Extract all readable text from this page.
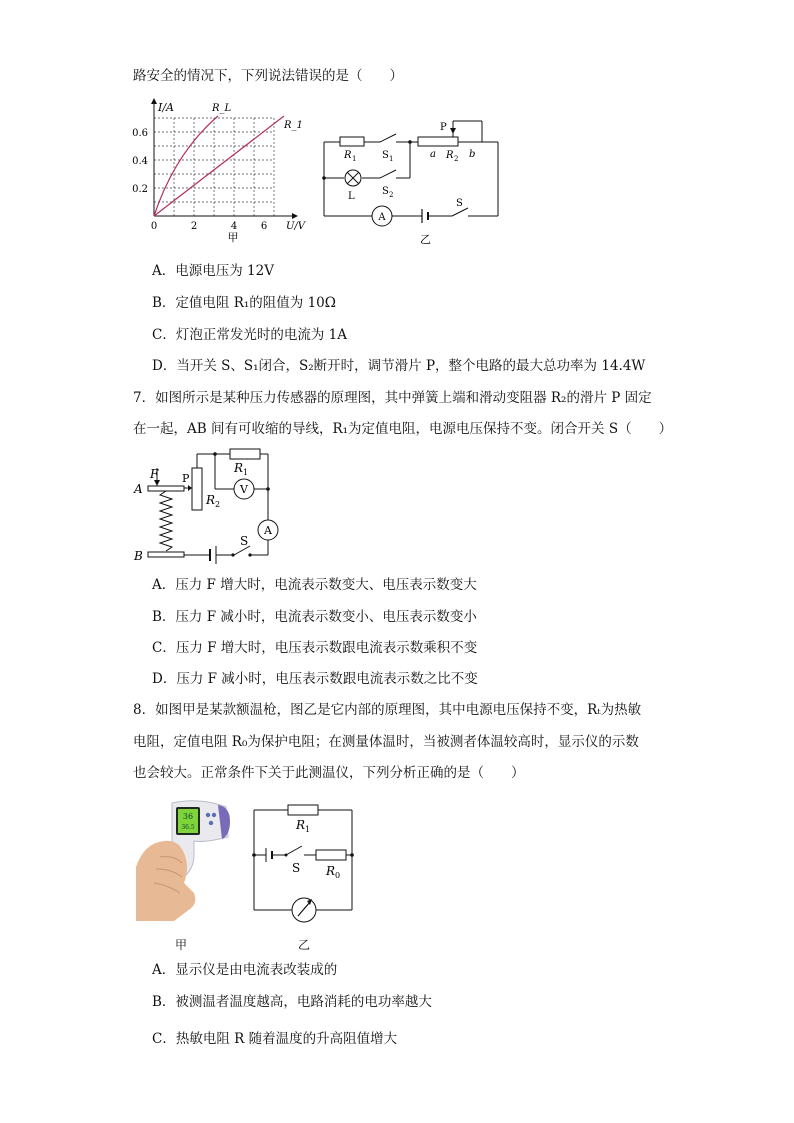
路安全的情况下，下列说法错误的是（　　）
I/A
0.6
0.4
0.2
0	2	4 6 U/V
R_L
R_1
甲
R 1	S 1
P
a R 2 b
S 2
L
A
S
乙
A．电源电压为 12V
B．定值电阻 R₁的阻值为 10Ω
C．灯泡正常发光时的电流为 1A
D．当开关 S、S₁闭合，S₂断开时，调节滑片 P，整个电路的最大总功率为 14.4W
7．如图所示是某种压力传感器的原理图，其中弹簧上端和滑动变阻器 R₂的滑片 P 固定
在一起，AB 间有可收缩的导线，R₁为定值电阻，电源电压保持不变。闭合开关 S（　　）
F
A
B
P
R 1
R 2
V
A
S
A．压力 F 增大时，电流表示数变大、电压表示数变大
B．压力 F 减小时，电流表示数变小、电压表示数变小
C．压力 F 增大时，电压表示数跟电流表示数乘积不变
D．压力 F 减小时，电压表示数跟电流表示数之比不变
8．如图甲是某款额温枪，图乙是它内部的原理图，其中电源电压保持不变，Rₜ为热敏
电阻，定值电阻 R₀为保护电阻；在测量体温时，当被测者体温较高时，显示仪的示数
也会较大。正常条件下关于此测温仪，下列分析正确的是（　　）
36
36.5	R 1
S R 0
甲	乙
A．显示仪是由电流表改装成的
B．被测温者温度越高，电路消耗的电功率越大
C．热敏电阻 R 随着温度的升高阻值增大
